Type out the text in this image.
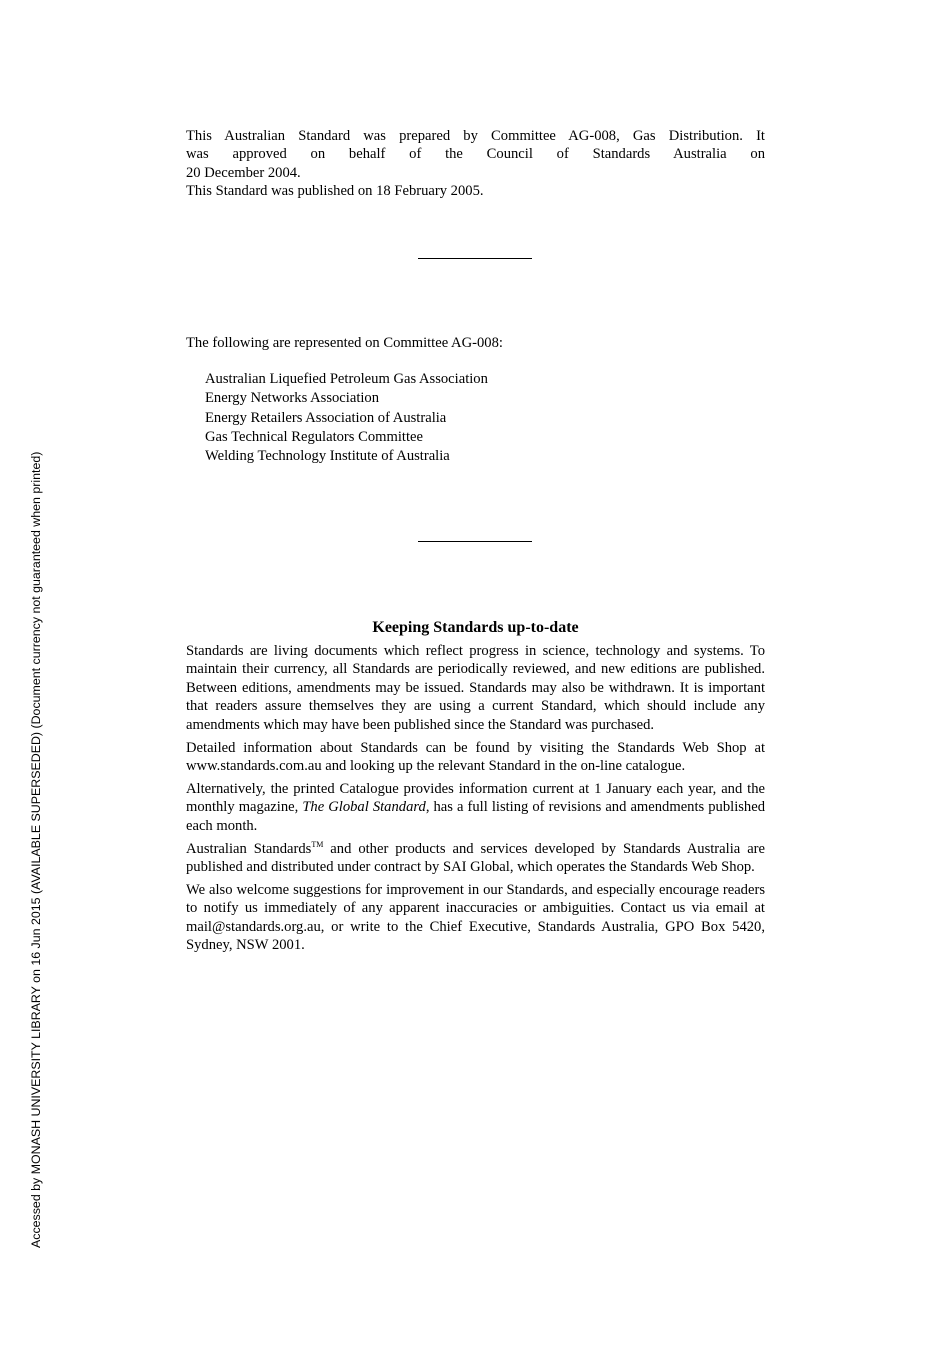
This Australian Standard was prepared by Committee AG-008, Gas Distribution. It
was approved on behalf of the Council of Standards Australia on
20 December 2004.
This Standard was published on 18 February 2005.
The following are represented on Committee AG-008:
Australian Liquefied Petroleum Gas Association
Energy Networks Association
Energy Retailers Association of Australia
Gas Technical Regulators Committee
Welding Technology Institute of Australia
Keeping Standards up-to-date

Standards are living documents which reflect progress in science, technology and systems. To maintain their currency, all Standards are periodically reviewed, and new editions are published. Between editions, amendments may be issued. Standards may also be withdrawn. It is important that readers assure themselves they are using a current Standard, which should include any amendments which may have been published since the Standard was purchased.

Detailed information about Standards can be found by visiting the Standards Web Shop at www.standards.com.au and looking up the relevant Standard in the on-line catalogue.

Alternatively, the printed Catalogue provides information current at 1 January each year, and the monthly magazine, The Global Standard, has a full listing of revisions and amendments published each month.

Australian Standards™ and other products and services developed by Standards Australia are published and distributed under contract by SAI Global, which operates the Standards Web Shop.

We also welcome suggestions for improvement in our Standards, and especially encourage readers to notify us immediately of any apparent inaccuracies or ambiguities. Contact us via email at mail@standards.org.au, or write to the Chief Executive, Standards Australia, GPO Box 5420, Sydney, NSW 2001.

Accessed by MONASH UNIVERSITY LIBRARY on 16 Jun 2015 (AVAILABLE SUPERSEDED) (Document currency not guaranteed when printed)
